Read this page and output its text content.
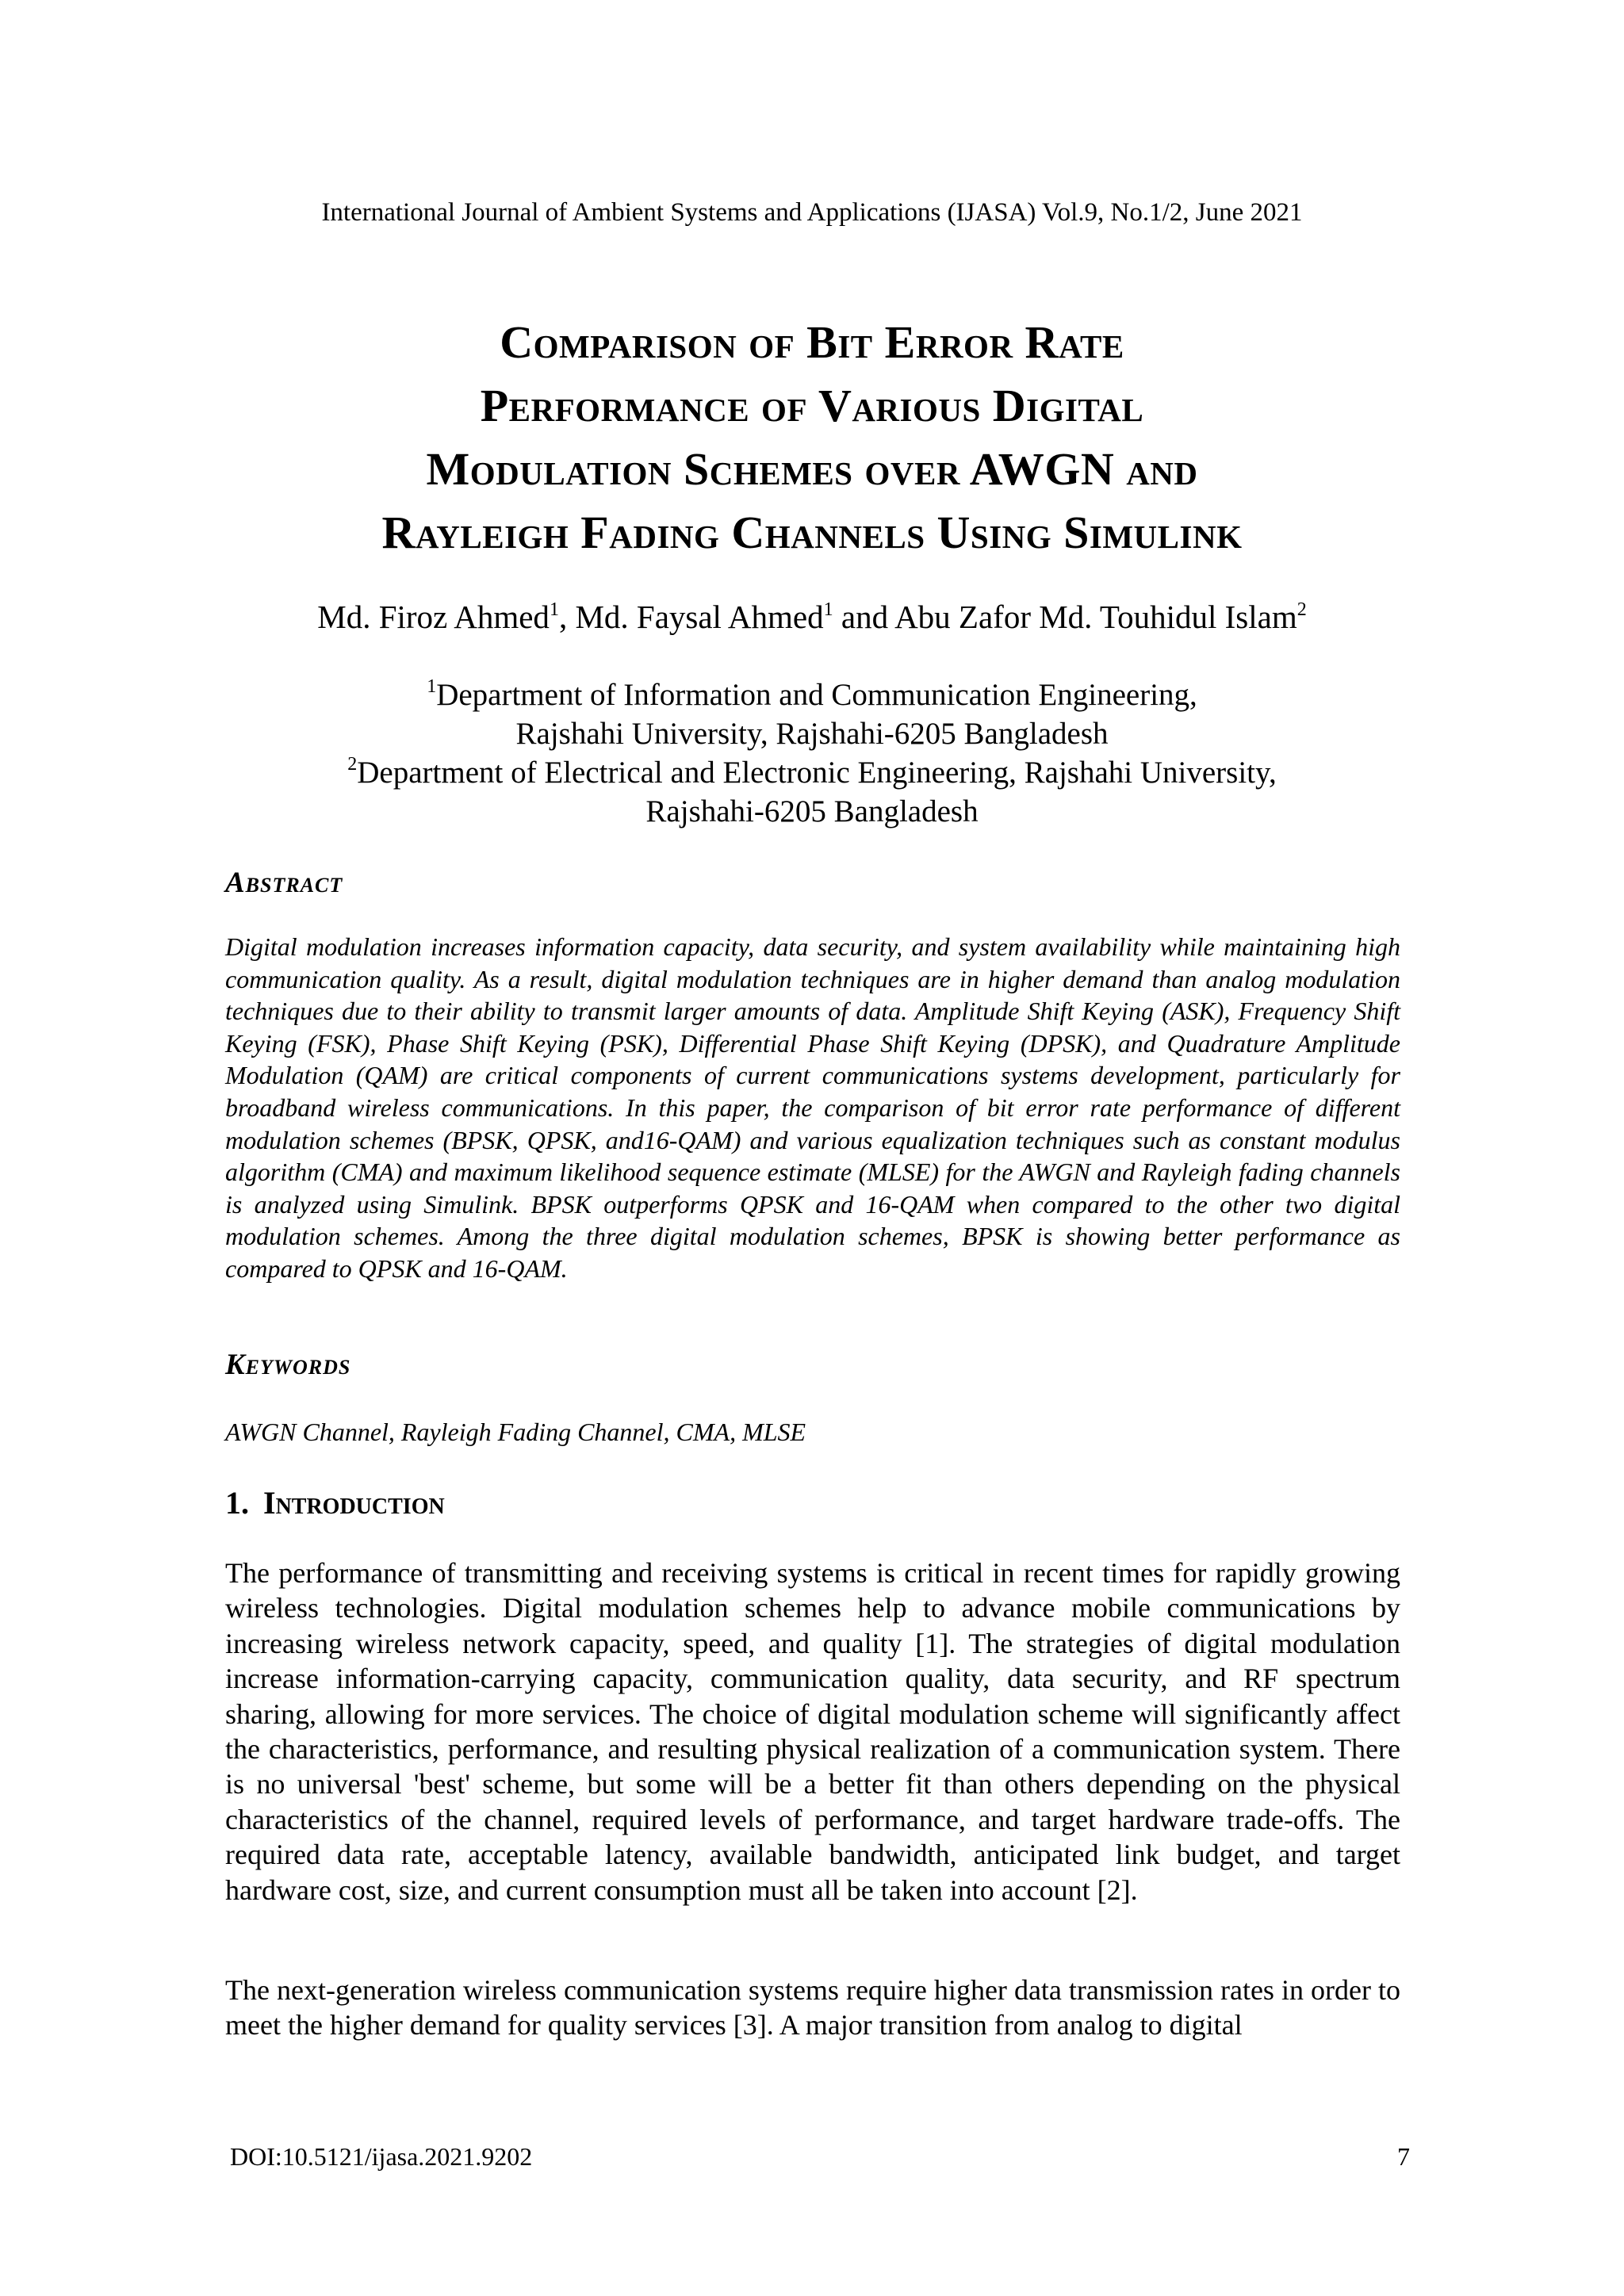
International Journal of Ambient Systems and Applications (IJASA) Vol.9, No.1/2, June 2021
Comparison of Bit Error Rate
Performance of Various Digital
Modulation Schemes over AWGN and
Rayleigh Fading Channels Using Simulink
Md. Firoz Ahmed$^1$, Md. Faysal Ahmed$^1$ and Abu Zafor Md. Touhidul Islam$^2$
$^1$Department of Information and Communication Engineering,
Rajshahi University, Rajshahi-6205 Bangladesh
$^2$Department of Electrical and Electronic Engineering, Rajshahi University,
Rajshahi-6205 Bangladesh
Abstract
Digital modulation increases information capacity, data security, and system availability while maintaining high communication quality. As a result, digital modulation techniques are in higher demand than analog modulation techniques due to their ability to transmit larger amounts of data. Amplitude Shift Keying (ASK), Frequency Shift Keying (FSK), Phase Shift Keying (PSK), Differential Phase Shift Keying (DPSK), and Quadrature Amplitude Modulation (QAM) are critical components of current communications systems development, particularly for broadband wireless communications. In this paper, the comparison of bit error rate performance of different modulation schemes (BPSK, QPSK, and16-QAM) and various equalization techniques such as constant modulus algorithm (CMA) and maximum likelihood sequence estimate (MLSE) for the AWGN and Rayleigh fading channels is analyzed using Simulink. BPSK outperforms QPSK and 16-QAM when compared to the other two digital modulation schemes. Among the three digital modulation schemes, BPSK is showing better performance as compared to QPSK and 16-QAM.
Keywords
AWGN Channel, Rayleigh Fading Channel, CMA, MLSE
1. Introduction
The performance of transmitting and receiving systems is critical in recent times for rapidly growing wireless technologies. Digital modulation schemes help to advance mobile communications by increasing wireless network capacity, speed, and quality [1]. The strategies of digital modulation increase information-carrying capacity, communication quality, data security, and RF spectrum sharing, allowing for more services. The choice of digital modulation scheme will significantly affect the characteristics, performance, and resulting physical realization of a communication system. There is no universal 'best' scheme, but some will be a better fit than others depending on the physical characteristics of the channel, required levels of performance, and target hardware trade-offs. The required data rate, acceptable latency, available bandwidth, anticipated link budget, and target hardware cost, size, and current consumption must all be taken into account [2].
The next-generation wireless communication systems require higher data transmission rates in order to meet the higher demand for quality services [3]. A major transition from analog to digital
DOI:10.5121/ijasa.2021.9202	7
